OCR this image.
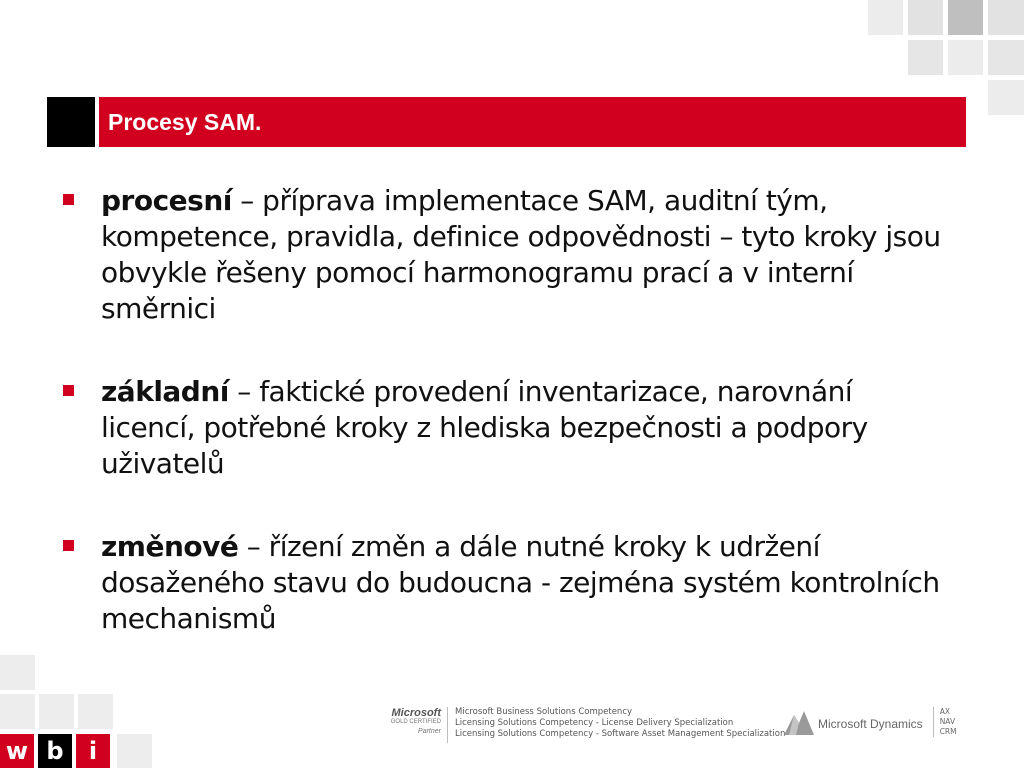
Procesy SAM.
procesní – příprava implementace SAM, auditní tým, kompetence, pravidla, definice odpovědnosti – tyto kroky jsou obvykle řešeny pomocí harmonogramu prací a v interní směrnici
základní – faktické provedení inventarizace, narovnání licencí, potřebné kroky z hlediska bezpečnosti a podpory uživatelů
změnové – řízení změn a dále nutné kroky k udržení dosaženého stavu do budoucna - zejména systém kontrolních mechanismů
w b	i
Microsoft
GOLD CERTIFIED
Partner
Microsoft Business Solutions Competency
Licensing Solutions Competency - License Delivery Specialization
Licensing Solutions Competency - Software Asset Management Specialization
Microsoft Dynamics
AX
NAV
CRM
